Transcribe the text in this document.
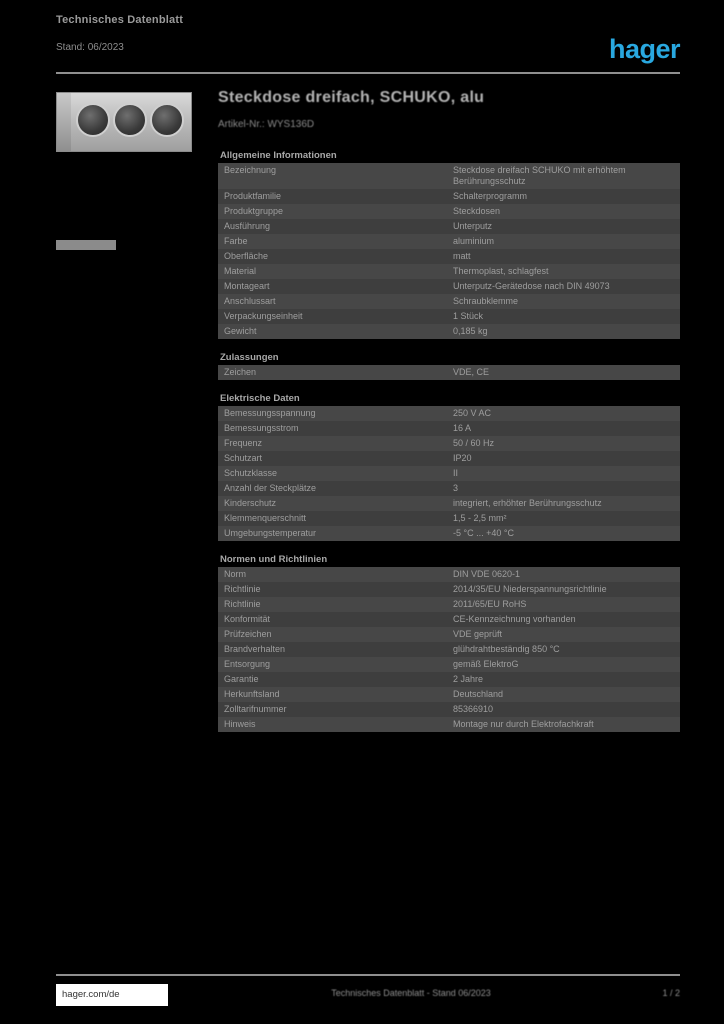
Technisches Datenblatt
Stand: 06/2023	hager
Steckdose dreifach, SCHUKO, alu
Artikel-Nr.: WYS136D
Allgemeine Informationen	
Bezeichnung	Steckdose dreifach SCHUKO mit erhöhtem Berührungsschutz
Produktfamilie	Schalterprogramm
Produktgruppe	Steckdosen
Ausführung	Unterputz
Farbe	aluminium
Oberfläche	matt
Material	Thermoplast, schlagfest
Montageart	Unterputz-Gerätedose nach DIN 49073
Anschlussart	Schraubklemme
Verpackungseinheit	1 Stück
Gewicht	0,185 kg

Zulassungen	
Zeichen	VDE, CE

Elektrische Daten	
Bemessungsspannung	250 V AC
Bemessungsstrom	16 A
Frequenz	50 / 60 Hz
Schutzart	IP20
Schutzklasse	II
Anzahl der Steckplätze	3
Kinderschutz	integriert, erhöhter Berührungsschutz
Klemmenquerschnitt	1,5 - 2,5 mm²
Umgebungstemperatur	-5 °C ... +40 °C

Normen und Richtlinien	
Norm	DIN VDE 0620-1
Richtlinie	2014/35/EU Niederspannungsrichtlinie
Richtlinie	2011/65/EU RoHS
Konformität	CE-Kennzeichnung vorhanden
Prüfzeichen	VDE geprüft
Brandverhalten	glühdrahtbeständig 850 °C
Entsorgung	gemäß ElektroG
Garantie	2 Jahre
Herkunftsland	Deutschland
Zolltarifnummer	85366910
Hinweis	Montage nur durch Elektrofachkraft

hager.com/de	Technisches Datenblatt - Stand 06/2023	1 / 2
